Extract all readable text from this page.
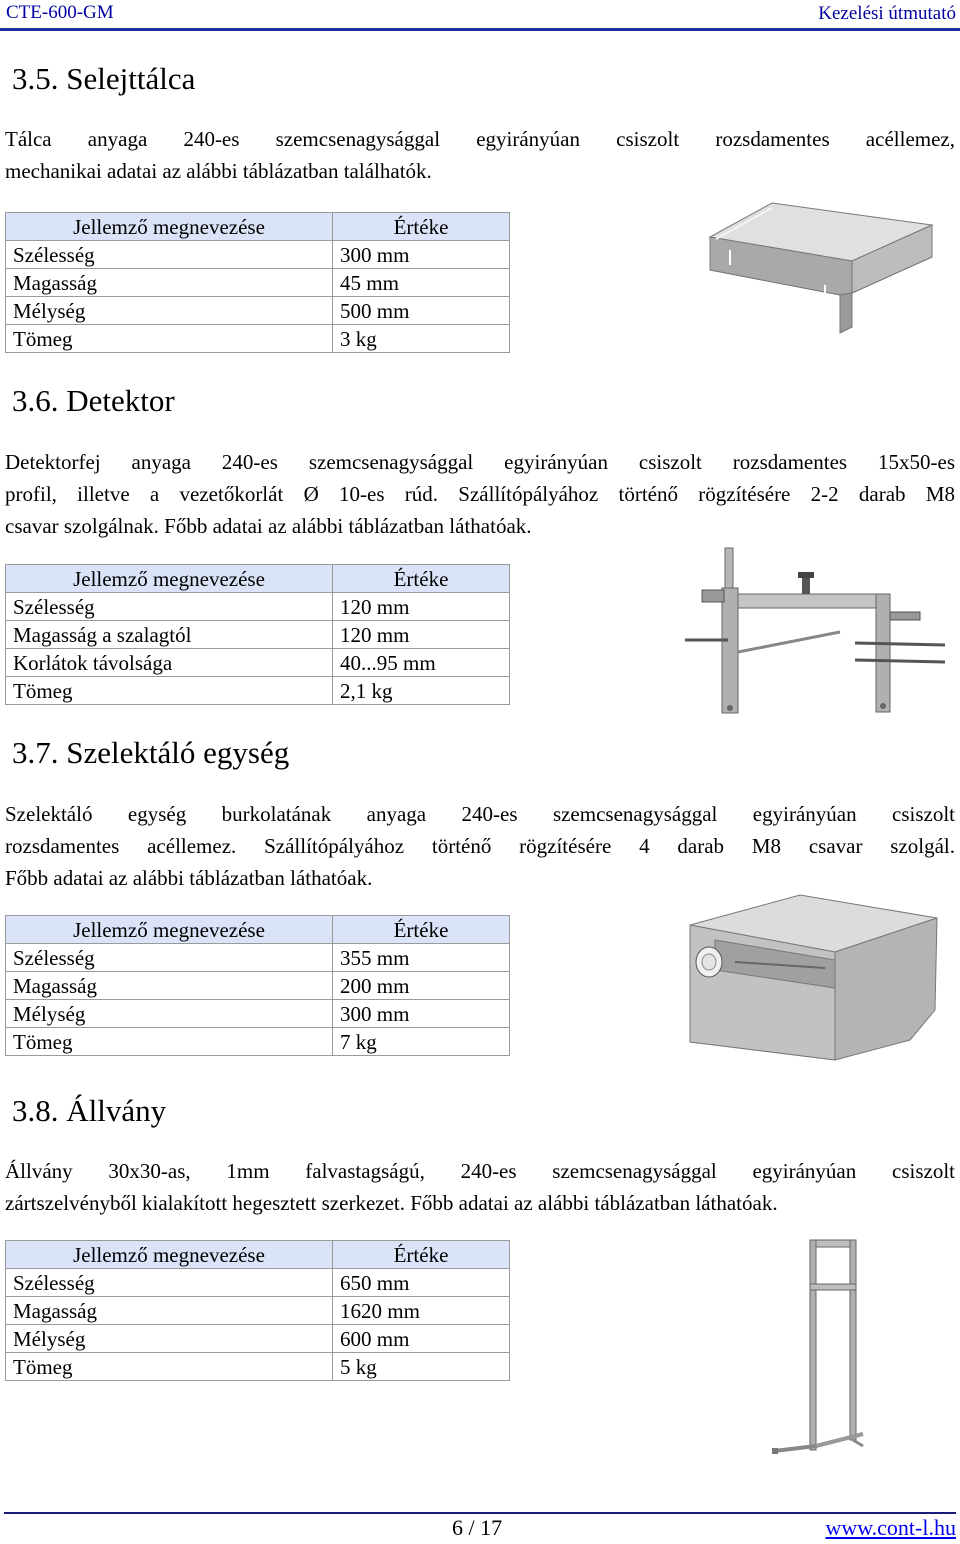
CTE-600-GM	Kezelési útmutató
3.5. Selejttálca
Tálca anyaga 240-es szemcsenagysággal egyirányúan csiszolt rozsdamentes acéllemez,
mechanikai adatai az alábbi táblázatban találhatók.
Jellemző megnevezése	Értéke
Szélesség	300 mm
Magasság	45 mm
Mélység	500 mm
Tömeg	3 kg
3.6. Detektor
Detektorfej anyaga 240-es szemcsenagysággal egyirányúan csiszolt rozsdamentes 15x50-es
profil, illetve a vezetőkorlát Ø 10-es rúd. Szállítópályához történő rögzítésére 2-2 darab M8
csavar szolgálnak. Főbb adatai az alábbi táblázatban láthatóak.
Jellemző megnevezése	Értéke
Szélesség	120 mm
Magasság a szalagtól	120 mm
Korlátok távolsága	40...95 mm
Tömeg	2,1 kg
3.7. Szelektáló egység
Szelektáló egység burkolatának anyaga 240-es szemcsenagysággal egyirányúan csiszolt
rozsdamentes acéllemez. Szállítópályához történő rögzítésére 4 darab M8 csavar szolgál.
Főbb adatai az alábbi táblázatban láthatóak.
Jellemző megnevezése	Értéke
Szélesség	355 mm
Magasság	200 mm
Mélység	300 mm
Tömeg	7 kg
3.8. Állvány
Állvány 30x30-as, 1mm falvastagságú, 240-es szemcsenagysággal egyirányúan csiszolt
zártszelvényből kialakított hegesztett szerkezet. Főbb adatai az alábbi táblázatban láthatóak.
Jellemző megnevezése	Értéke
Szélesség	650 mm
Magasság	1620 mm
Mélység	600 mm
Tömeg	5 kg
6 / 17	www.cont-l.hu
